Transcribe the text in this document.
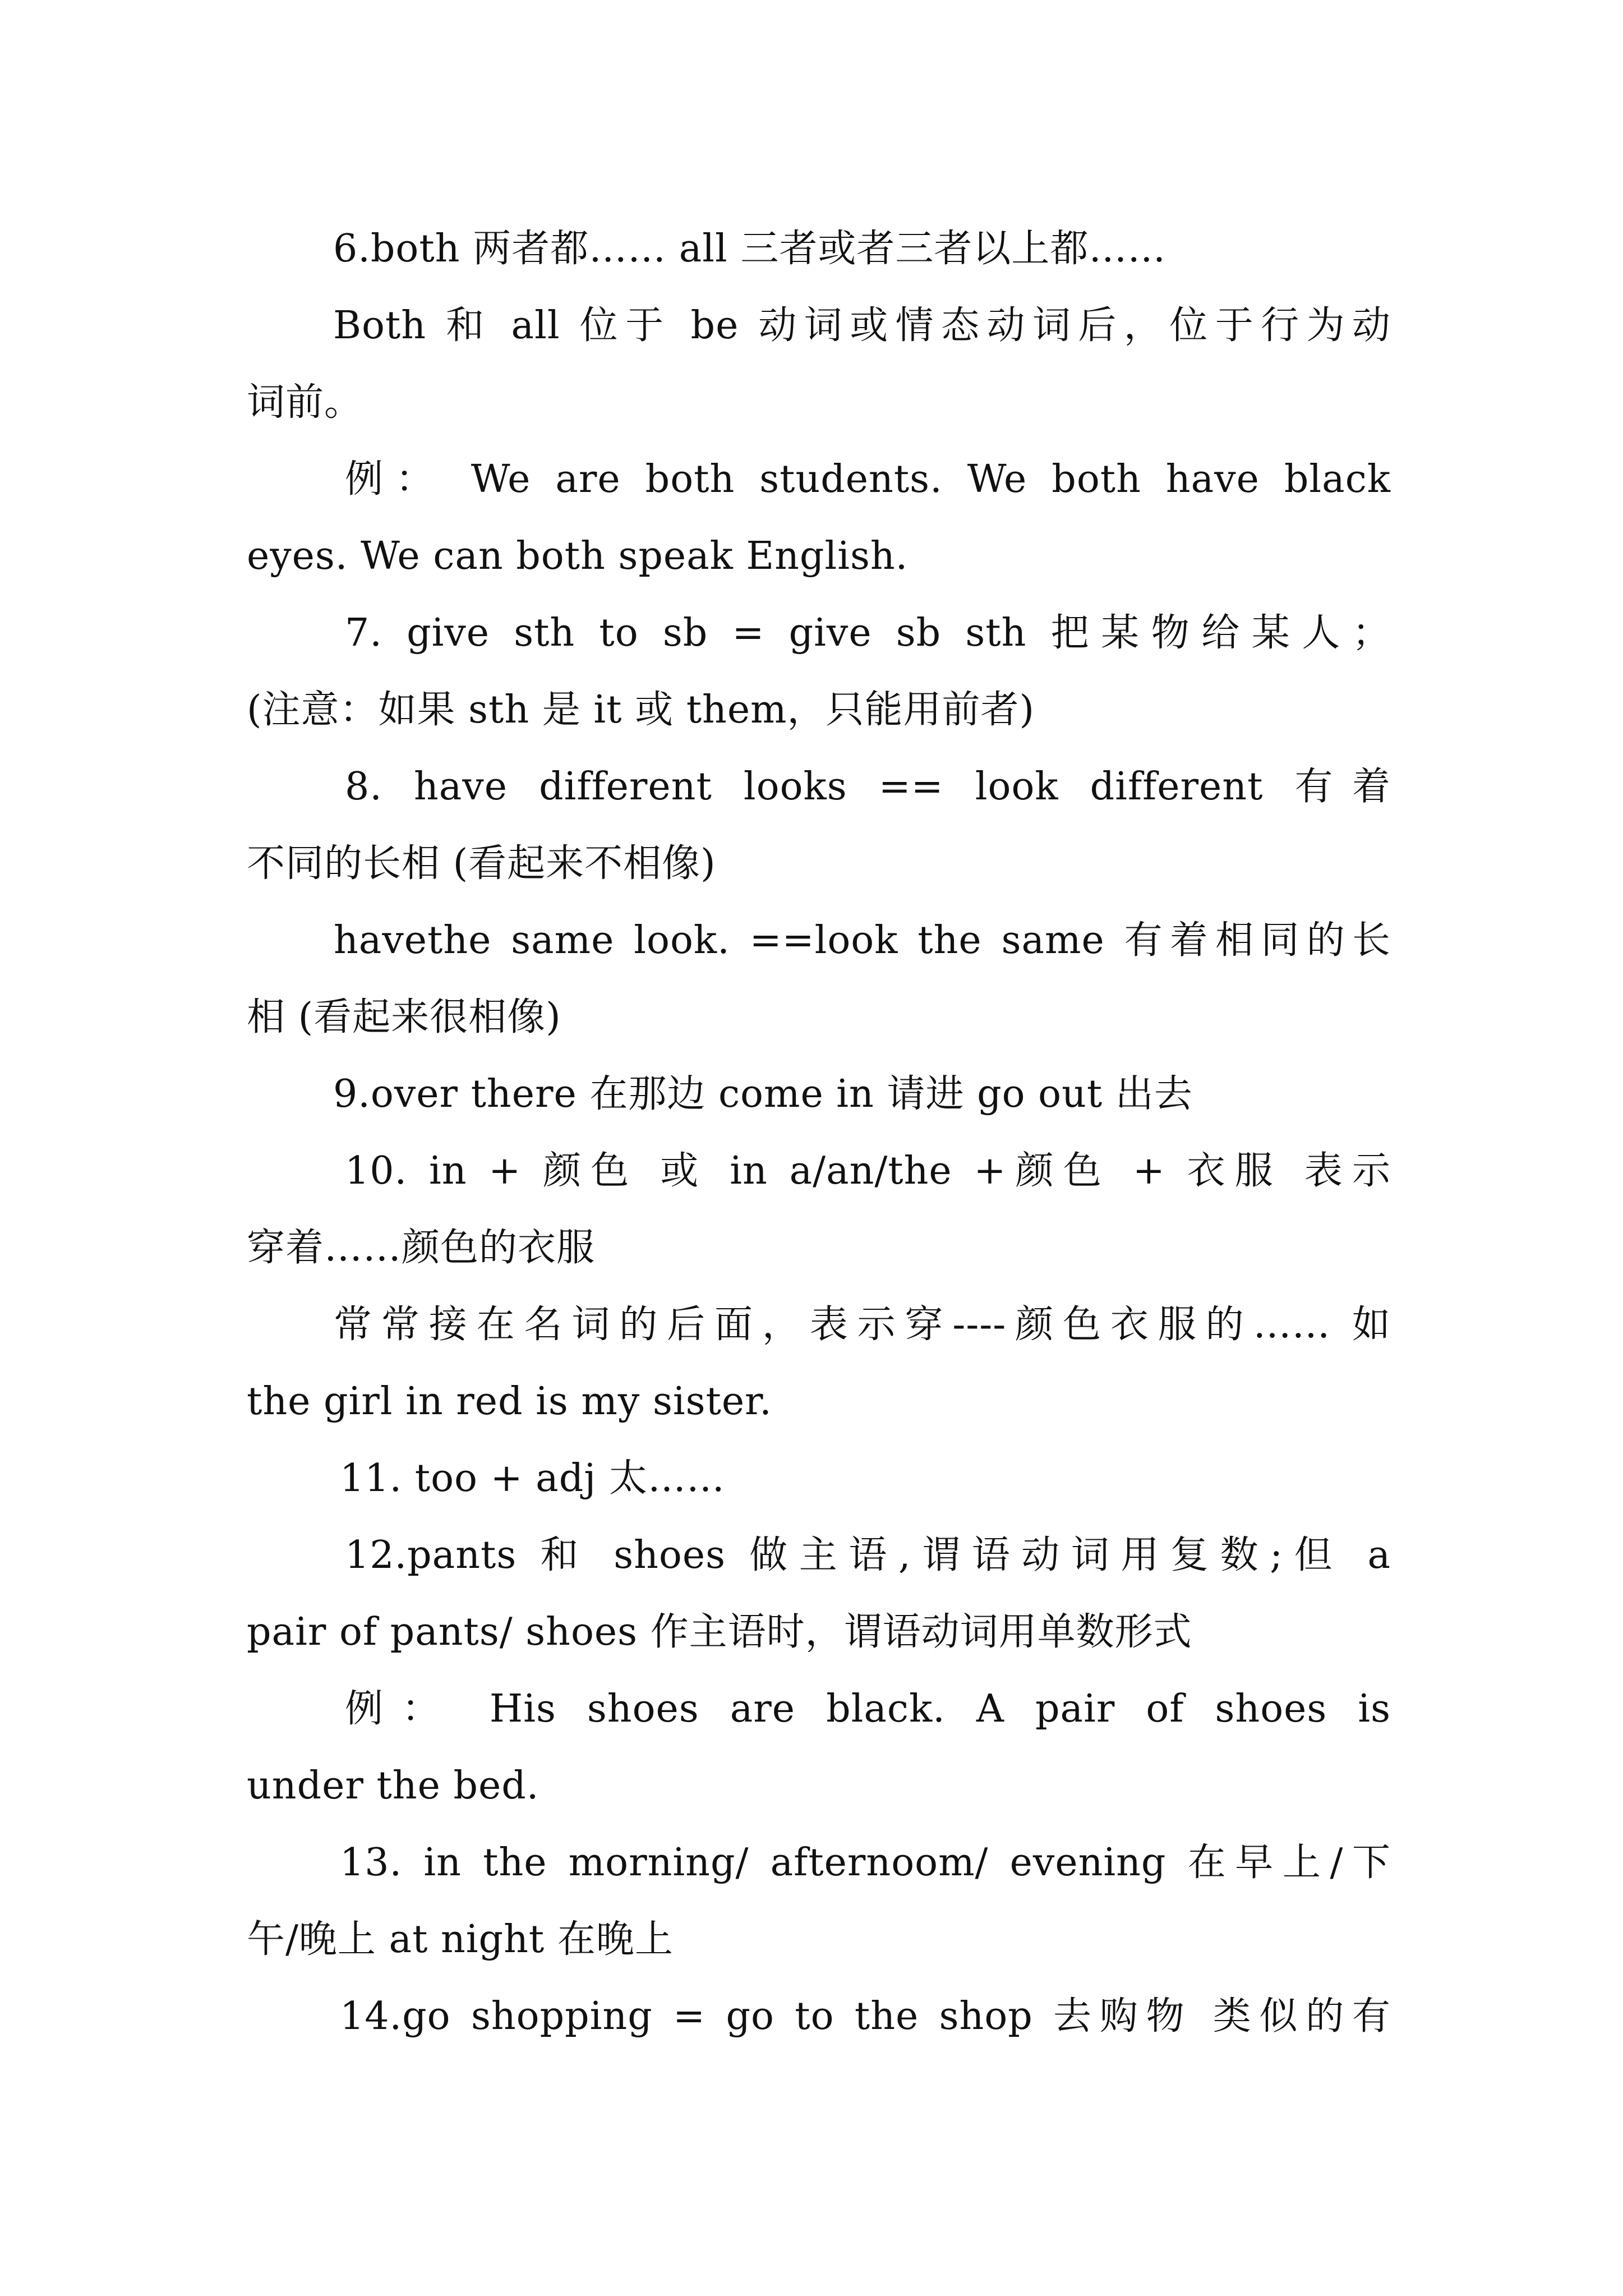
6.both 两者都…… all 三者或者三者以上都……
Both 和 all 位于 be 动词或情态动词后，位于行为动
词前。
例： We are both students. We both have black
eyes. We can both speak English.
7. give sth to sb = give sb sth 把某物给某人；
(注意：如果 sth 是 it 或 them，只能用前者)
8. have different looks == look different 有着
不同的长相 (看起来不相像)
havethe same look. ==look the same 有着相同的长
相 (看起来很相像)
9.over there 在那边 come in 请进 go out 出去
10. in + 颜色 或 in a/an/the +颜色 + 衣服 表示
穿着……颜色的衣服
常常接在名词的后面，表示穿----颜色衣服的…… 如
the girl in red is my sister.
11. too + adj 太……
12.pants 和 shoes 做主语,谓语动词用复数;但 a
pair of pants/ shoes 作主语时，谓语动词用单数形式
例： His shoes are black. A pair of shoes is
under the bed.
13. in the morning/ afternoom/ evening 在早上/下
午/晚上 at night 在晚上
14.go shopping = go to the shop 去购物 类似的有
